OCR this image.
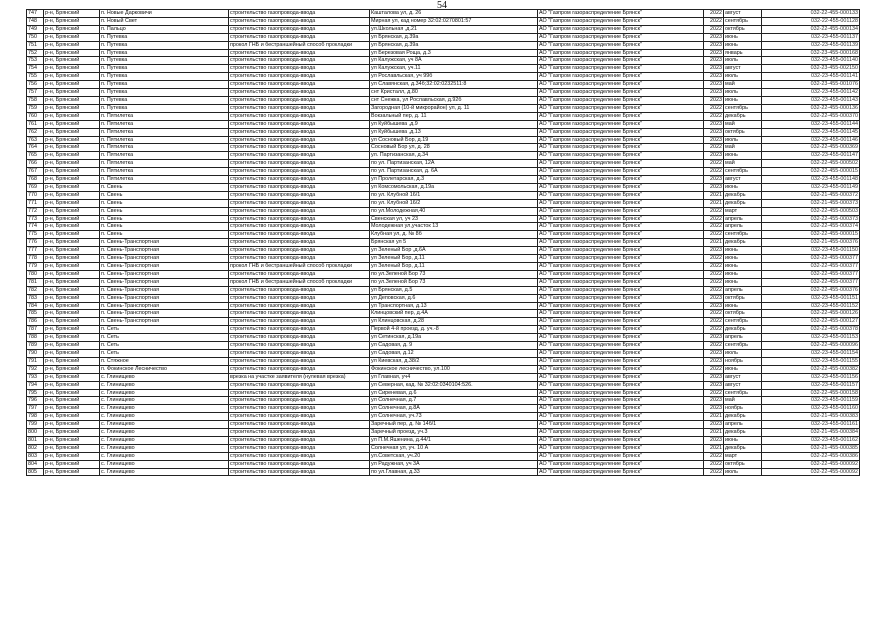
54
747	р-н, Брянский	п. Новые Дарковичи	строительство газопровода-ввода	Кашталова ул, д. 26	АО "Газпром газораспределение Брянск"	2022	август	032-22-455-000133
748	р-н, Брянский	п. Новый Свет	строительство газопровода-ввода	Мирная ул, кад номер 32:02:0270801:57	АО "Газпром газораспределение Брянск"	2022	сентябрь	032-22-455-001128
749	р-н, Брянский	п. Пальцо	строительство газопровода-ввода	ул.Школьная ,д.21	АО "Газпром газораспределение Брянск"	2022	октябрь	032-22-455-000134
750	р-н, Брянский	п. Путевка	строительство газопровода-ввода	ул Брянская, д.39а	АО "Газпром газораспределение Брянск"	2023	июнь	032-23-455-001137
751	р-н, Брянский	п. Путевка	прокол ГНБ и бестраншейный способ прокладки	ул Брянская, д.39а	АО "Газпром газораспределение Брянск"	2023	июнь	032-23-455-001139
752	р-н, Брянский	п. Путевка	строительство газопровода-ввода	ул Березовая Роща, д.3	АО "Газпром газораспределение Брянск"	2023	январь	032-23-455-000168
753	р-н, Брянский	п. Путевка	строительство газопровода-ввода	ул Калужская, уч 8А	АО "Газпром газораспределение Брянск"	2023	июль	032-23-455-001140
754	р-н, Брянский	п. Путевка	строительство газопровода-ввода	ул Калужская, уч.11	АО "Газпром газораспределение Брянск"	2023	август	032-23-455-002150
755	р-н, Брянский	п. Путевка	строительство газопровода-ввода	ул Рославльская, уч 99б	АО "Газпром газораспределение Брянск"	2023	июль	032-23-455-001141
756	р-н, Брянский	п. Путевка	строительство газопровода-ввода	ул Славянская, д.34б;32:02:0232511:8	АО "Газпром газораспределение Брянск"	2023	май	032-23-455-001076
757	р-н, Брянский	п. Путевка	строительство газопровода-ввода	снт Кристалл, д.80	АО "Газпром газораспределение Брянск"	2023	июль	032-23-455-001142
758	р-н, Брянский	п. Путевка	строительство газопровода-ввода	снт Снежка, ул Рославльская, д.92б	АО "Газпром газораспределение Брянск"	2023	июнь	032-23-455-001143
759	р-н, Брянский	п. Путевка	строительство газопровода-ввода	Загородная (10-й микрорайон) ул, д. 11	АО "Газпром газораспределение Брянск"	2022	сентябрь	032-22-455-000136
760	р-н, Брянский	п. Пятилетка	строительство газопровода-ввода	Вокзальный пер, д. 11	АО "Газпром газораспределение Брянск"	2022	декабрь	032-22-455-000370
761	р-н, Брянский	п. Пятилетка	строительство газопровода-ввода	ул Куйбышева ,д.9	АО "Газпром газораспределение Брянск"	2023	май	032-23-455-001144
762	р-н, Брянский	п. Пятилетка	строительство газопровода-ввода	ул Куйбышева ,д.13	АО "Газпром газораспределение Брянск"	2023	октябрь	032-23-455-001145
763	р-н, Брянский	п. Пятилетка	строительство газопровода-ввода	ул Сосновый Бор, д.19	АО "Газпром газораспределение Брянск"	2023	июль	032-23-455-001146
764	р-н, Брянский	п. Пятилетка	строительство газопровода-ввода	Сосновый Бор ул, д. 28	АО "Газпром газораспределение Брянск"	2022	май	032-22-455-000369
765	р-н, Брянский	п. Пятилетка	строительство газопровода-ввода	ул. Партизанская, д.34	АО "Газпром газораспределение Брянск"	2023	июнь	032-23-455-001147
766	р-н, Брянский	п. Пятилетка	строительство газопровода-ввода	по ул. Партизанская, 12А	АО "Газпром газораспределение Брянск"	2022	май	032-22-455-000502
767	р-н, Брянский	п. Пятилетка	строительство газопровода-ввода	по ул. Партизанская, д. 6А	АО "Газпром газораспределение Брянск"	2022	сентябрь	032-22-455-000015
768	р-н, Брянский	п. Пятилетка	строительство газопровода-ввода	ул Пролетарская, д.3	АО "Газпром газораспределение Брянск"	2023	август	032-23-455-001148
769	р-н, Брянский	п. Свень	строительство газопровода-ввода	ул Комсомольская, д.19а	АО "Газпром газораспределение Брянск"	2023	июнь	032-23-455-001149
770	р-н, Брянский	п. Свень	строительство газопровода-ввода	по ул. Клубной 16/1	АО "Газпром газораспределение Брянск"	2021	декабрь	032-21-455-000372
771	р-н, Брянский	п. Свень	строительство газопровода-ввода	по ул. Клубной 16/2	АО "Газпром газораспределение Брянск"	2021	декабрь	032-21-455-000373
772	р-н, Брянский	п. Свень	строительство газопровода-ввода	по ул.Молодежная,40	АО "Газпром газораспределение Брянск"	2022	март	032-22-455-000503
773	р-н, Брянский	п. Свень	строительство газопровода-ввода	Свенская ул, уч 23	АО "Газпром газораспределение Брянск"	2022	апрель	032-22-455-000373
774	р-н, Брянский	п. Свень	строительство газопровода-ввода	Молодежная ул,участок 13	АО "Газпром газораспределение Брянск"	2022	апрель	032-22-455-000374
775	р-н, Брянский	п. Свень	строительство газопровода-ввода	Клубная ул, д. № 8б	АО "Газпром газораспределение Брянск"	2022	сентябрь	032-22-455-000015
776	р-н, Брянский	п. Свень-Транспортная	строительство газопровода-ввода	Брянская ул 5	АО "Газпром газораспределение Брянск"	2021	декабрь	032-21-455-000376
777	р-н, Брянский	п. Свень-Транспортная	строительство газопровода-ввода	ул Зеленый Бор ,д.6А	АО "Газпром газораспределение Брянск"	2023	июнь	032-23-455-001150
778	р-н, Брянский	п. Свень-Транспортная	строительство газопровода-ввода	ул Зеленый Бор, д.11	АО "Газпром газораспределение Брянск"	2022	июнь	032-22-455-000377
779	р-н, Брянский	п. Свень-Транспортная	прокол ГНБ и бестраншейный способ прокладки	ул Зеленый Бор, д.11	АО "Газпром газораспределение Брянск"	2022	июнь	032-22-455-000377
780	р-н, Брянский	п. Свень-Транспортная	строительство газопровода-ввода	по ул.Зеленой Бор 73	АО "Газпром газораспределение Брянск"	2022	июнь	032-22-455-000377
781	р-н, Брянский	п. Свень-Транспортная	прокол ГНБ и бестраншейный способ прокладки	по ул.Зеленой Бор 73	АО "Газпром газораспределение Брянск"	2022	июнь	032-22-455-000377
782	р-н, Брянский	п. Свень-Транспортная	строительство газопровода-ввода	ул Брянская, д.5	АО "Газпром газораспределение Брянск"	2022	апрель	032-22-455-000376
783	р-н, Брянский	п. Свень-Транспортная	строительство газопровода-ввода	ул Деповская, д.6	АО "Газпром газораспределение Брянск"	2023	октябрь	032-23-455-001151
784	р-н, Брянский	п. Свень-Транспортная	строительство газопровода-ввода	ул Транспортная, д.13	АО "Газпром газораспределение Брянск"	2023	июнь	032-23-455-001152
785	р-н, Брянский	п. Свень-Транспортная	строительство газопровода-ввода	Клинцовский пер, д.4А	АО "Газпром газораспределение Брянск"	2022	октябрь	032-22-455-000126
786	р-н, Брянский	п. Свень-Транспортная	строительство газопровода-ввода	ул Клинцовская, д.28	АО "Газпром газораспределение Брянск"	2022	сентябрь	032-22-455-000127
787	р-н, Брянский	п. Сеть	строительство газопровода-ввода	Первой 4-й проезд, д. уч.-8	АО "Газпром газораспределение Брянск"	2022	декабрь	032-22-455-000378
788	р-н, Брянский	п. Сеть	строительство газопровода-ввода	ул Сетинская, д.19а	АО "Газпром газораспределение Брянск"	2023	апрель	032-23-455-001153
789	р-н, Брянский	п. Сеть	строительство газопровода-ввода	ул Садовая, д. 9	АО "Газпром газораспределение Брянск"	2022	сентябрь	032-22-455-000096
790	р-н, Брянский	п. Сеть	строительство газопровода-ввода	ул Садовая, д.12	АО "Газпром газораспределение Брянск"	2023	июль	032-23-455-001154
791	р-н, Брянский	п. Стяжное	строительство газопровода-ввода	ул Киевская, д.38/2	АО "Газпром газораспределение Брянск"	2023	ноябрь	032-23-455-001155
792	р-н, Брянский	п. Фокинское Лесничество	строительство газопровода-ввода	Фокинское лесничество, ул.100	АО "Газпром газораспределение Брянск"	2022	июнь	032-22-455-000382
793	р-н, Брянский	с. Глинищево	врезка на участке заявителя (нулевая врезка)	ул Главная, уч4	АО "Газпром газораспределение Брянск"	2023	август	032-23-455-001156
794	р-н, Брянский	с. Глинищево	строительство газопровода-ввода	ул Северная, кад. № 32:02:0340104:526.	АО "Газпром газораспределение Брянск"	2023	август	032-23-455-001157
795	р-н, Брянский	с. Глинищево	строительство газопровода-ввода	ул Сиреневая, д.6	АО "Газпром газораспределение Брянск"	2022	сентябрь	032-22-455-000158
796	р-н, Брянский	с. Глинищево	строительство газопровода-ввода	ул Солнечная, д.7	АО "Газпром газораспределение Брянск"	2023	май	032-23-455-001159
797	р-н, Брянский	с. Глинищево	строительство газопровода-ввода	ул Солнечная, д.8А	АО "Газпром газораспределение Брянск"	2023	ноябрь	032-23-455-001160
798	р-н, Брянский	с. Глинищево	строительство газопровода-ввода	ул Солнечная, уч.73	АО "Газпром газораспределение Брянск"	2021	декабрь	032-21-455-000383
799	р-н, Брянский	с. Глинищево	строительство газопровода-ввода	Заречный пер, д. № 14б/1	АО "Газпром газораспределение Брянск"	2023	апрель	032-23-455-001161
800	р-н, Брянский	с. Глинищево	строительство газопровода-ввода	Заречный проезд, уч.3	АО "Газпром газораспределение Брянск"	2021	декабрь	032-21-455-000384
801	р-н, Брянский	с. Глинищево	строительство газопровода-ввода	ул П.М.Яшенина, д.44/1	АО "Газпром газораспределение Брянск"	2023	июнь	032-23-455-001162
802	р-н, Брянский	с. Глинищево	строительство газопровода-ввода	Солнечная ул, уч. 10 А	АО "Газпром газораспределение Брянск"	2021	декабрь	032-21-455-000385
803	р-н, Брянский	с. Глинищево	строительство газопровода-ввода	ул.Советская, уч.20	АО "Газпром газораспределение Брянск"	2022	март	032-22-455-000386
804	р-н, Брянский	с. Глинищево	строительство газопровода-ввода	ул Радужная, уч 3А	АО "Газпром газораспределение Брянск"	2022	октябрь	032-22-455-000092
805	р-н, Брянский	с. Глинищево	строительство газопровода-ввода	по ул.Главная, д.33	АО "Газпром газораспределение Брянск"	2022	июль	032-22-455-000092
